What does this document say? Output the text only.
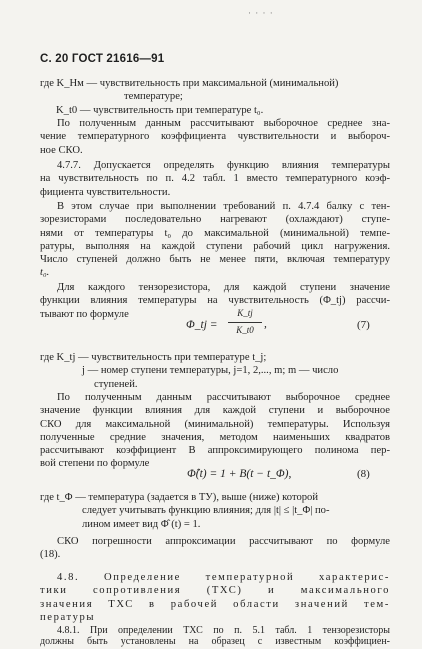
· · · ·
С. 20 ГОСТ 21616—91
где K_Hм — чувствительность при максимальной (минимальной)
температуре;
K_t0 — чувствительность при температуре t₀.
По полученным данным рассчитывают выборочное среднее зна-
чение температурного коэффициента чувствительности и выбороч-
ное СКО.
4.7.7. Допускается определять функцию влияния температуры
на чувствительность по п. 4.2 табл. 1 вместо температурного коэф-
фициента чувствительности.
В этом случае при выполнении требований п. 4.7.4 балку с тен-
зорезисторами последовательно нагревают (охлаждают) ступе-
нями от температуры t₀ до максимальной (минимальной) темпе-
ратуры, выполняя на каждой ступени рабочий цикл нагружения.
Число ступеней должно быть не менее пяти, включая температуру
t₀.
Для каждого тензорезистора, для каждой ступени значение
функции влияния температуры на чувствительность (Φ_tj) рассчи-
тывают по формуле
Φ_tj =
K_tj
K_t0 ,	(7)
где K_tj — чувствительность при температуре t_j;
j — номер ступени температуры, j=1, 2,..., m; m — число
ступеней.
По полученным данным рассчитывают выборочное среднее
значение функции влияния для каждой ступени и выборочное
СКО для максимальной (минимальной) температуры. Используя
полученные средние значения, методом наименьших квадратов
рассчитывают коэффициент B аппроксимирующего полинома пер-
вой степени по формуле
Φ̂(t) = 1 + B(t − t_Φ),	(8)
где t_Φ — температура (задается в ТУ), выше (ниже) которой
следует учитывать функцию влияния; для |t| ≤ |t_Φ| по-
лином имеет вид Φ̂ (t) = 1.
СКО погрешности аппроксимации рассчитывают по формуле
(18).
4.8. Определение температурной характерис-
тики сопротивления (ТХС) и максимального
значения ТХС в рабочей области значений тем-
пературы
4.8.1. При определении ТХС по п. 5.1 табл. 1 тензорезисторы
должны быть установлены на образец с известным коэффициен-
